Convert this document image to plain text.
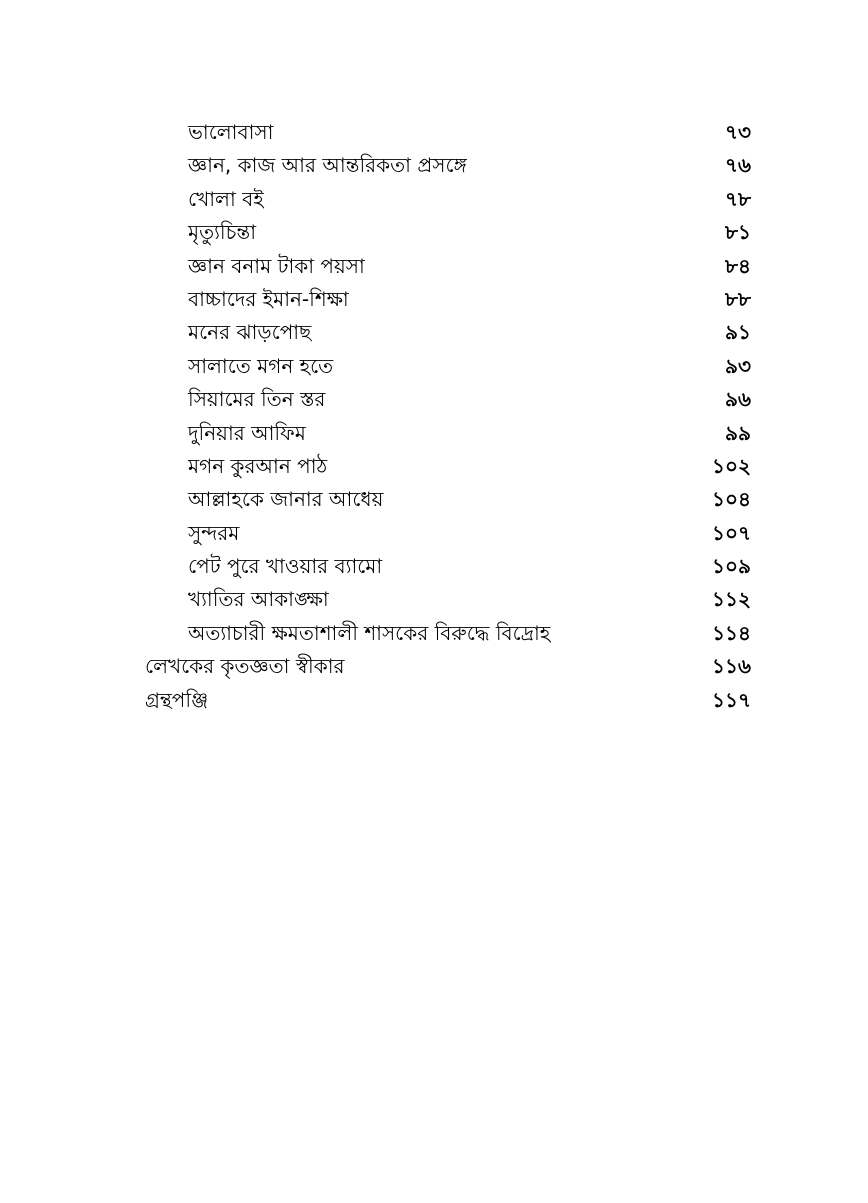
ভালোবাসা	৭৩
জ্ঞান, কাজ আর আন্তরিকতা প্রসঙ্গে	৭৬
খোলা বই	৭৮
মৃত্যুচিন্তা	৮১
জ্ঞান বনাম টাকা পয়সা	৮৪
বাচ্চাদের ইমান-শিক্ষা	৮৮
মনের ঝাড়পোছ	৯১
সালাতে মগন হতে	৯৩
সিয়ামের তিন স্তর	৯৬
দুনিয়ার আফিম	৯৯
মগন কুরআন পাঠ	১০২
আল্লাহকে জানার আধেয়	১০৪
সুন্দরম	১০৭
পেট পুরে খাওয়ার ব্যামো	১০৯
খ্যাতির আকাঙ্ক্ষা	১১২
অত্যাচারী ক্ষমতাশালী শাসকের বিরুদ্ধে বিদ্রোহ	১১৪
লেখকের কৃতজ্ঞতা স্বীকার	১১৬
গ্রন্থপঞ্জি	১১৭
